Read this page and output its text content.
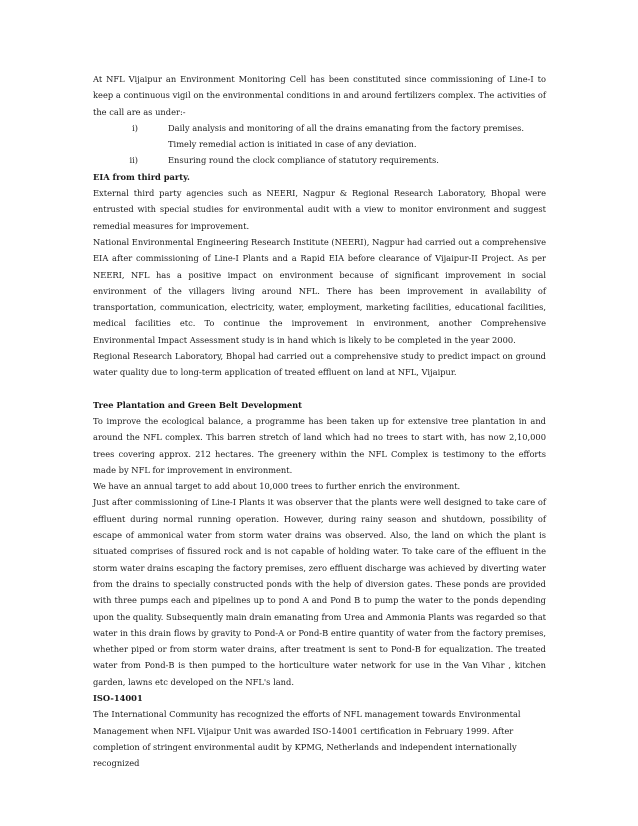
At NFL Vijaipur an Environment Monitoring Cell has been constituted since commissioning of Line-I to keep a continuous vigil on the environmental conditions in and around fertilizers complex. The activities of the call are as under:-

i)	Daily analysis and monitoring of all the drains emanating from the factory premises.

Timely remedial action is initiated in case of any deviation.

ii)	Ensuring round the clock compliance of statutory requirements.

EIA from third party.

External third party agencies such as NEERI, Nagpur & Regional Research Laboratory, Bhopal were entrusted with special studies for environmental audit with a view to monitor environment and suggest remedial measures for improvement.

National Environmental Engineering Research Institute (NEERI), Nagpur had carried out a comprehensive EIA after commissioning of Line-I Plants and a Rapid EIA before clearance of Vijaipur-II Project. As per NEERI, NFL has a positive impact on environment because of significant improvement in social environment of the villagers living around NFL. There has been improvement in availability of transportation, communication, electricity, water, employment, marketing facilities, educational facilities, medical facilities etc. To continue the improvement in environment, another Comprehensive Environmental Impact Assessment study is in hand which is likely to be completed in the year 2000.

Regional Research Laboratory, Bhopal had carried out a comprehensive study to predict impact on ground water quality due to long-term application of treated effluent on land at NFL, Vijaipur.

Tree Plantation and Green Belt Development

To improve the ecological balance, a programme has been taken up for extensive tree plantation in and around the NFL complex. This barren stretch of land which had no trees to start with, has now 2,10,000 trees covering approx. 212 hectares. The greenery within the NFL Complex is testimony to the efforts made by NFL for improvement in environment.

We have an annual target to add about 10,000 trees to further enrich the environment.

Just after commissioning of Line-I Plants it was observer that the plants were well designed to take care of effluent during normal running operation. However, during rainy season and shutdown, possibility of escape of ammonical water from storm water drains was observed. Also, the land on which the plant is situated comprises of fissured rock and is not capable of holding water. To take care of the effluent in the storm water drains escaping the factory premises, zero effluent discharge was achieved by diverting water from the drains to specially constructed ponds with the help of diversion gates. These ponds are provided with three pumps each and pipelines up to pond A and Pond B to pump the water to the ponds depending upon the quality. Subsequently main drain emanating from Urea and Ammonia Plants was regarded so that water in this drain flows by gravity to Pond-A or Pond-B entire quantity of water from the factory premises, whether piped or from storm water drains, after treatment is sent to Pond-B for equalization. The treated water from Pond-B is then pumped to the horticulture water network for use in the Van Vihar , kitchen garden, lawns etc developed on the NFL's land.

ISO-14001

The International Community has recognized the efforts of NFL management towards Environmental Management when NFL Vijaipur Unit was awarded ISO-14001 certification in February 1999. After completion of stringent environmental audit by KPMG, Netherlands and independent internationally recognized
